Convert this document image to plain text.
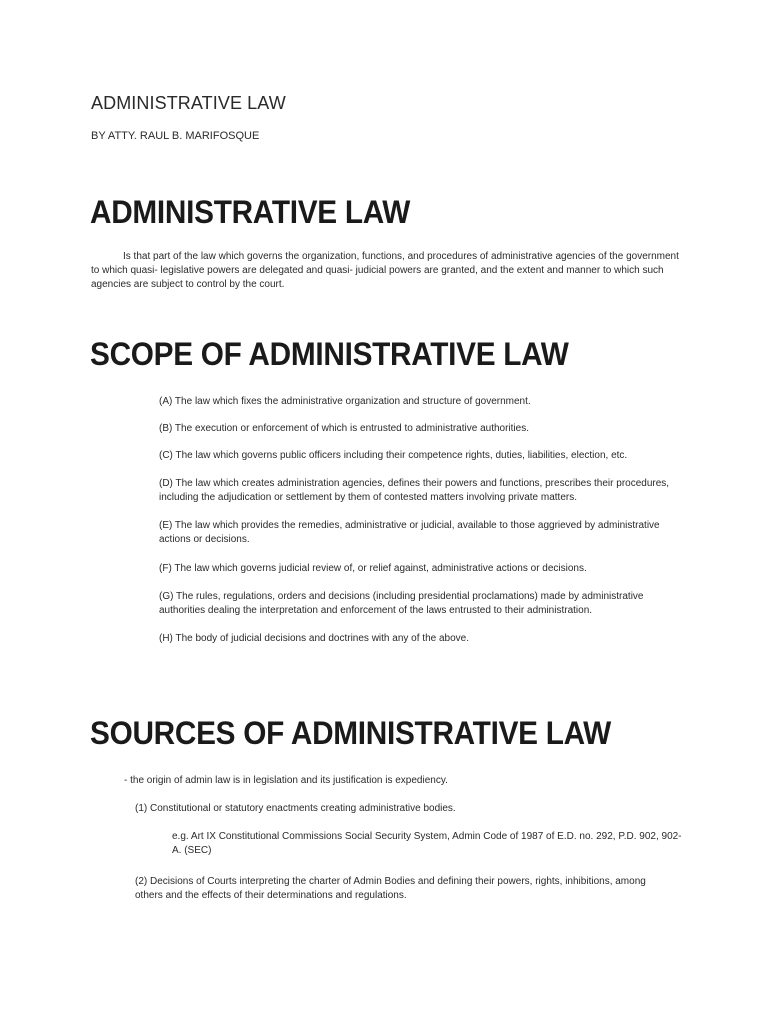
ADMINISTRATIVE LAW

BY ATTY. RAUL B. MARIFOSQUE

ADMINISTRATIVE LAW

Is that part of the law which governs the organization, functions, and procedures of administrative agencies of the government to which quasi- legislative powers are delegated and quasi- judicial powers are granted, and the extent and manner to which such agencies are subject to control by the court.

SCOPE OF ADMINISTRATIVE LAW

(A) The law which fixes the administrative organization and structure of government.

(B) The execution or enforcement of which is entrusted to administrative authorities.

(C) The law which governs public officers including their competence rights, duties, liabilities, election, etc.

(D) The law which creates administration agencies, defines their powers and functions, prescribes their procedures, including the adjudication or settlement by them of contested matters involving private matters.

(E) The law which provides the remedies, administrative or judicial, available to those aggrieved by administrative actions or decisions.

(F) The law which governs judicial review of, or relief against, administrative actions or decisions.

(G) The rules, regulations, orders and decisions (including presidential proclamations) made by administrative authorities dealing the interpretation and enforcement of the laws entrusted to their administration.

(H) The body of judicial decisions and doctrines with any of the above.

SOURCES OF ADMINISTRATIVE LAW

- the origin of admin law is in legislation and its justification is expediency.

(1) Constitutional or statutory enactments creating administrative bodies.

e.g. Art IX Constitutional Commissions Social Security System, Admin Code of 1987 of E.D. no. 292, P.D. 902, 902-A. (SEC)

(2) Decisions of Courts interpreting the charter of Admin Bodies and defining their powers, rights, inhibitions, among others and the effects of their determinations and regulations.
